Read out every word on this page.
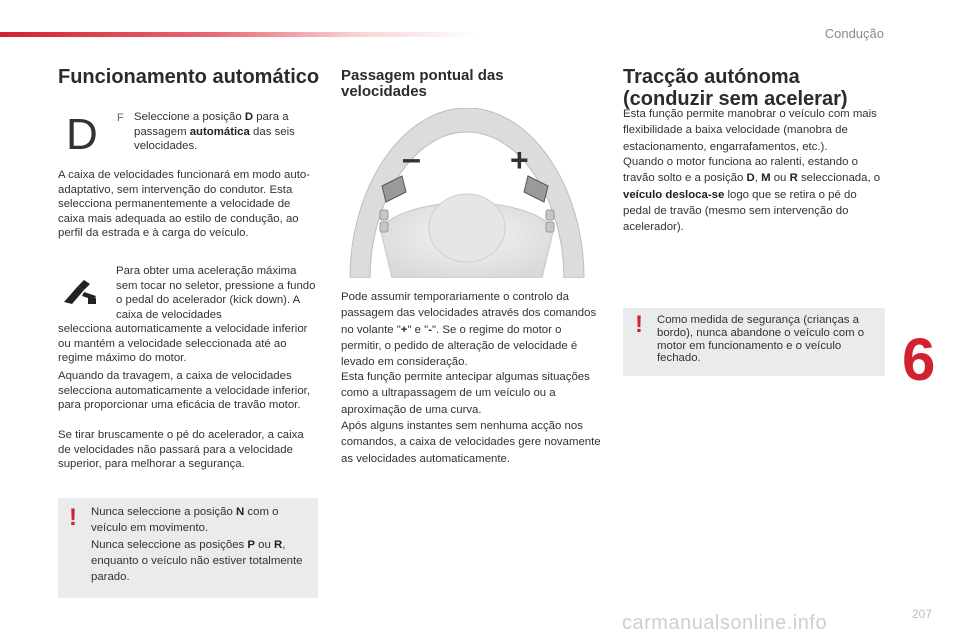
Condução
6
207
carmanualsonline.info
Funcionamento automático
D F Seleccione a posição D para a passagem automática das seis velocidades.

A caixa de velocidades funcionará em modo auto-adaptativo, sem intervenção do condutor. Esta selecciona permanentemente a velocidade de caixa mais adequada ao estilo de condução, ao perfil da estrada e à carga do veículo.

Para obter uma aceleração máxima sem tocar no seletor, pressione a fundo o pedal do acelerador (kick down). A caixa de velocidades

selecciona automaticamente a velocidade inferior ou mantém a velocidade seleccionada até ao regime máximo do motor.

Aquando da travagem, a caixa de velocidades selecciona automaticamente a velocidade inferior, para proporcionar uma eficácia de travão motor.

Se tirar bruscamente o pé do acelerador, a caixa de velocidades não passará para a velocidade superior, para melhorar a segurança.

! Nunca seleccione a posição N com o veículo em movimento.
Nunca seleccione as posições P ou R, enquanto o veículo não estiver totalmente parado.

Passagem pontual das
velocidades
–	+

Pode assumir temporariamente o controlo da passagem das velocidades através dos comandos no volante "+" e "-". Se o regime do motor o permitir, o pedido de alteração de velocidade é levado em consideração.

Esta função permite antecipar algumas situações como a ultrapassagem de um veículo ou a aproximação de uma curva.

Após alguns instantes sem nenhuma acção nos comandos, a caixa de velocidades gere novamente as velocidades automaticamente.

Tracção autónoma
(conduzir sem acelerar)

Esta função permite manobrar o veículo com mais flexibilidade a baixa velocidade (manobra de estacionamento, engarrafamentos, etc.).

Quando o motor funciona ao ralenti, estando o travão solto e a posição D, M ou R seleccionada, o veículo desloca-se logo que se retira o pé do pedal de travão (mesmo sem intervenção do acelerador).

! Como medida de segurança (crianças a bordo), nunca abandone o veículo com o motor em funcionamento e o veículo fechado.
